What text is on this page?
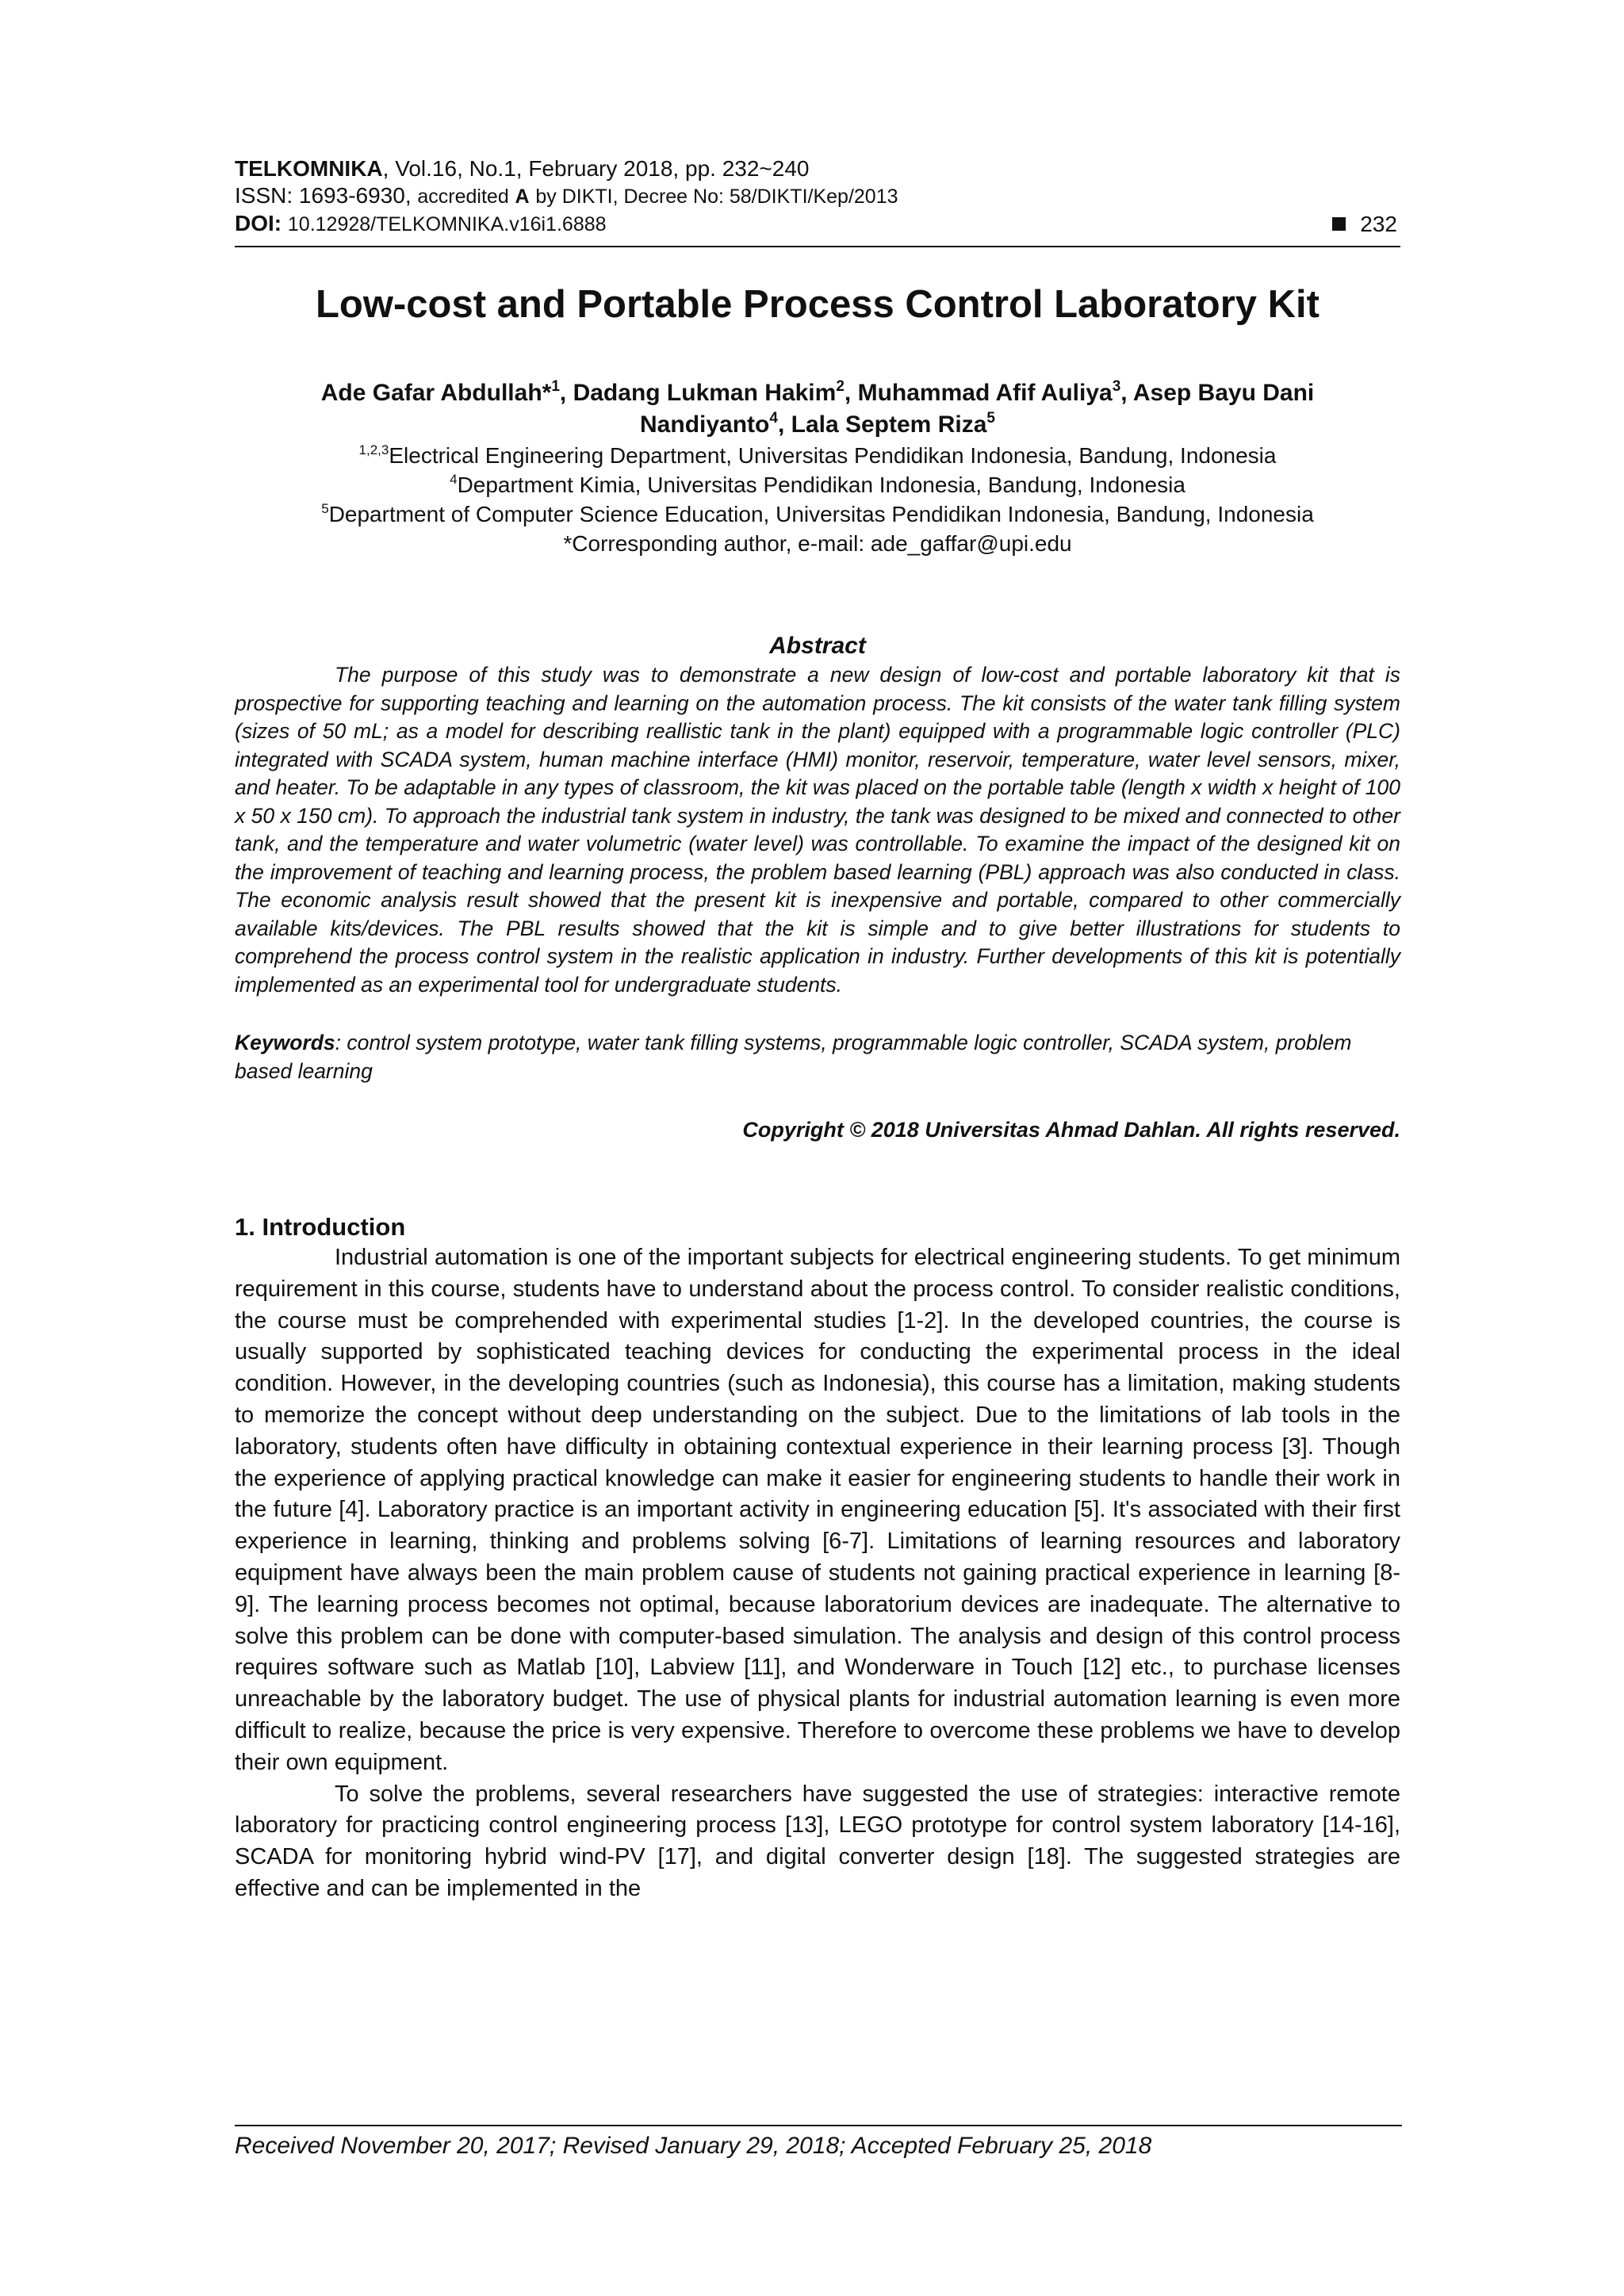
TELKOMNIKA, Vol.16, No.1, February 2018, pp. 232~240
ISSN: 1693-6930, accredited A by DIKTI, Decree No: 58/DIKTI/Kep/2013
DOI: 10.12928/TELKOMNIKA.v16i1.6888	232
Low-cost and Portable Process Control Laboratory Kit
Ade Gafar Abdullah*$^1$, Dadang Lukman Hakim$^2$, Muhammad Afif Auliya$^3$, Asep Bayu Dani Nandiyanto$^4$, Lala Septem Riza$^5$
$^{1,2,3}$Electrical Engineering Department, Universitas Pendidikan Indonesia, Bandung, Indonesia
$^4$Department Kimia, Universitas Pendidikan Indonesia, Bandung, Indonesia
$^5$Department of Computer Science Education, Universitas Pendidikan Indonesia, Bandung, Indonesia
*Corresponding author, e-mail: ade_gaffar@upi.edu
Abstract
The purpose of this study was to demonstrate a new design of low-cost and portable laboratory kit that is prospective for supporting teaching and learning on the automation process. The kit consists of the water tank filling system (sizes of 50 mL; as a model for describing reallistic tank in the plant) equipped with a programmable logic controller (PLC) integrated with SCADA system, human machine interface (HMI) monitor, reservoir, temperature, water level sensors, mixer, and heater. To be adaptable in any types of classroom, the kit was placed on the portable table (length x width x height of 100 x 50 x 150 cm). To approach the industrial tank system in industry, the tank was designed to be mixed and connected to other tank, and the temperature and water volumetric (water level) was controllable. To examine the impact of the designed kit on the improvement of teaching and learning process, the problem based learning (PBL) approach was also conducted in class. The economic analysis result showed that the present kit is inexpensive and portable, compared to other commercially available kits/devices. The PBL results showed that the kit is simple and to give better illustrations for students to comprehend the process control system in the realistic application in industry. Further developments of this kit is potentially implemented as an experimental tool for undergraduate students.
Keywords: control system prototype, water tank filling systems, programmable logic controller, SCADA system, problem based learning
Copyright © 2018 Universitas Ahmad Dahlan. All rights reserved.
1. Introduction
Industrial automation is one of the important subjects for electrical engineering students. To get minimum requirement in this course, students have to understand about the process control. To consider realistic conditions, the course must be comprehended with experimental studies [1-2]. In the developed countries, the course is usually supported by sophisticated teaching devices for conducting the experimental process in the ideal condition. However, in the developing countries (such as Indonesia), this course has a limitation, making students to memorize the concept without deep understanding on the subject. Due to the limitations of lab tools in the laboratory, students often have difficulty in obtaining contextual experience in their learning process [3]. Though the experience of applying practical knowledge can make it easier for engineering students to handle their work in the future [4]. Laboratory practice is an important activity in engineering education [5]. It's associated with their first experience in learning, thinking and problems solving [6-7]. Limitations of learning resources and laboratory equipment have always been the main problem cause of students not gaining practical experience in learning [8-9]. The learning process becomes not optimal, because laboratorium devices are inadequate. The alternative to solve this problem can be done with computer-based simulation. The analysis and design of this control process requires software such as Matlab [10], Labview [11], and Wonderware in Touch [12] etc., to purchase licenses unreachable by the laboratory budget. The use of physical plants for industrial automation learning is even more difficult to realize, because the price is very expensive. Therefore to overcome these problems we have to develop their own equipment.
To solve the problems, several researchers have suggested the use of strategies: interactive remote laboratory for practicing control engineering process [13], LEGO prototype for control system laboratory [14-16], SCADA for monitoring hybrid wind-PV [17], and digital converter design [18]. The suggested strategies are effective and can be implemented in the
Received November 20, 2017; Revised January 29, 2018; Accepted February 25, 2018
